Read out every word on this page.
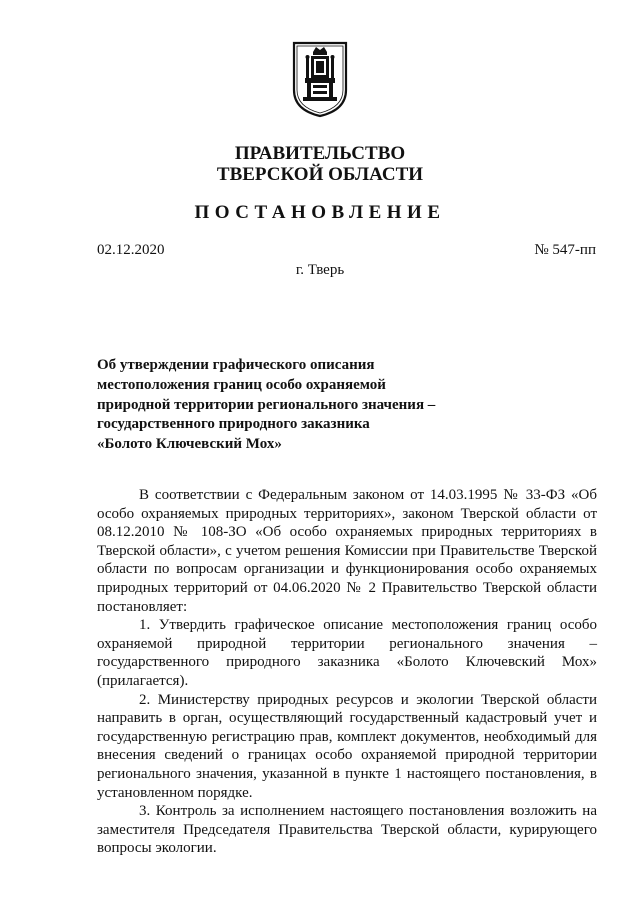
ПРАВИТЕЛЬСТВО
ТВЕРСКОЙ ОБЛАСТИ
ПОСТАНОВЛЕНИЕ
02.12.2020	№ 547-пп
г. Тверь
Об утверждении графического описания
местоположения границ особо охраняемой
природной территории регионального значения –
государственного природного заказника
«Болото Ключевский Мох»

В соответствии с Федеральным законом от 14.03.1995 № 33-ФЗ «Об особо охраняемых природных территориях», законом Тверской области от 08.12.2010 № 108-ЗО «Об особо охраняемых природных территориях в Тверской области», с учетом решения Комиссии при Правительстве Тверской области по вопросам организации и функционирования особо охраняемых природных территорий от 04.06.2020 № 2 Правительство Тверской области постановляет:

1. Утвердить графическое описание местоположения границ особо охраняемой природной территории регионального значения – государственного природного заказника «Болото Ключевский Мох» (прилагается).

2. Министерству природных ресурсов и экологии Тверской области направить в орган, осуществляющий государственный кадастровый учет и государственную регистрацию прав, комплект документов, необходимый для внесения сведений о границах особо охраняемой природной территории регионального значения, указанной в пункте 1 настоящего постановления, в установленном порядке.

3. Контроль за исполнением настоящего постановления возложить на заместителя Председателя Правительства Тверской области, курирующего вопросы экологии.
